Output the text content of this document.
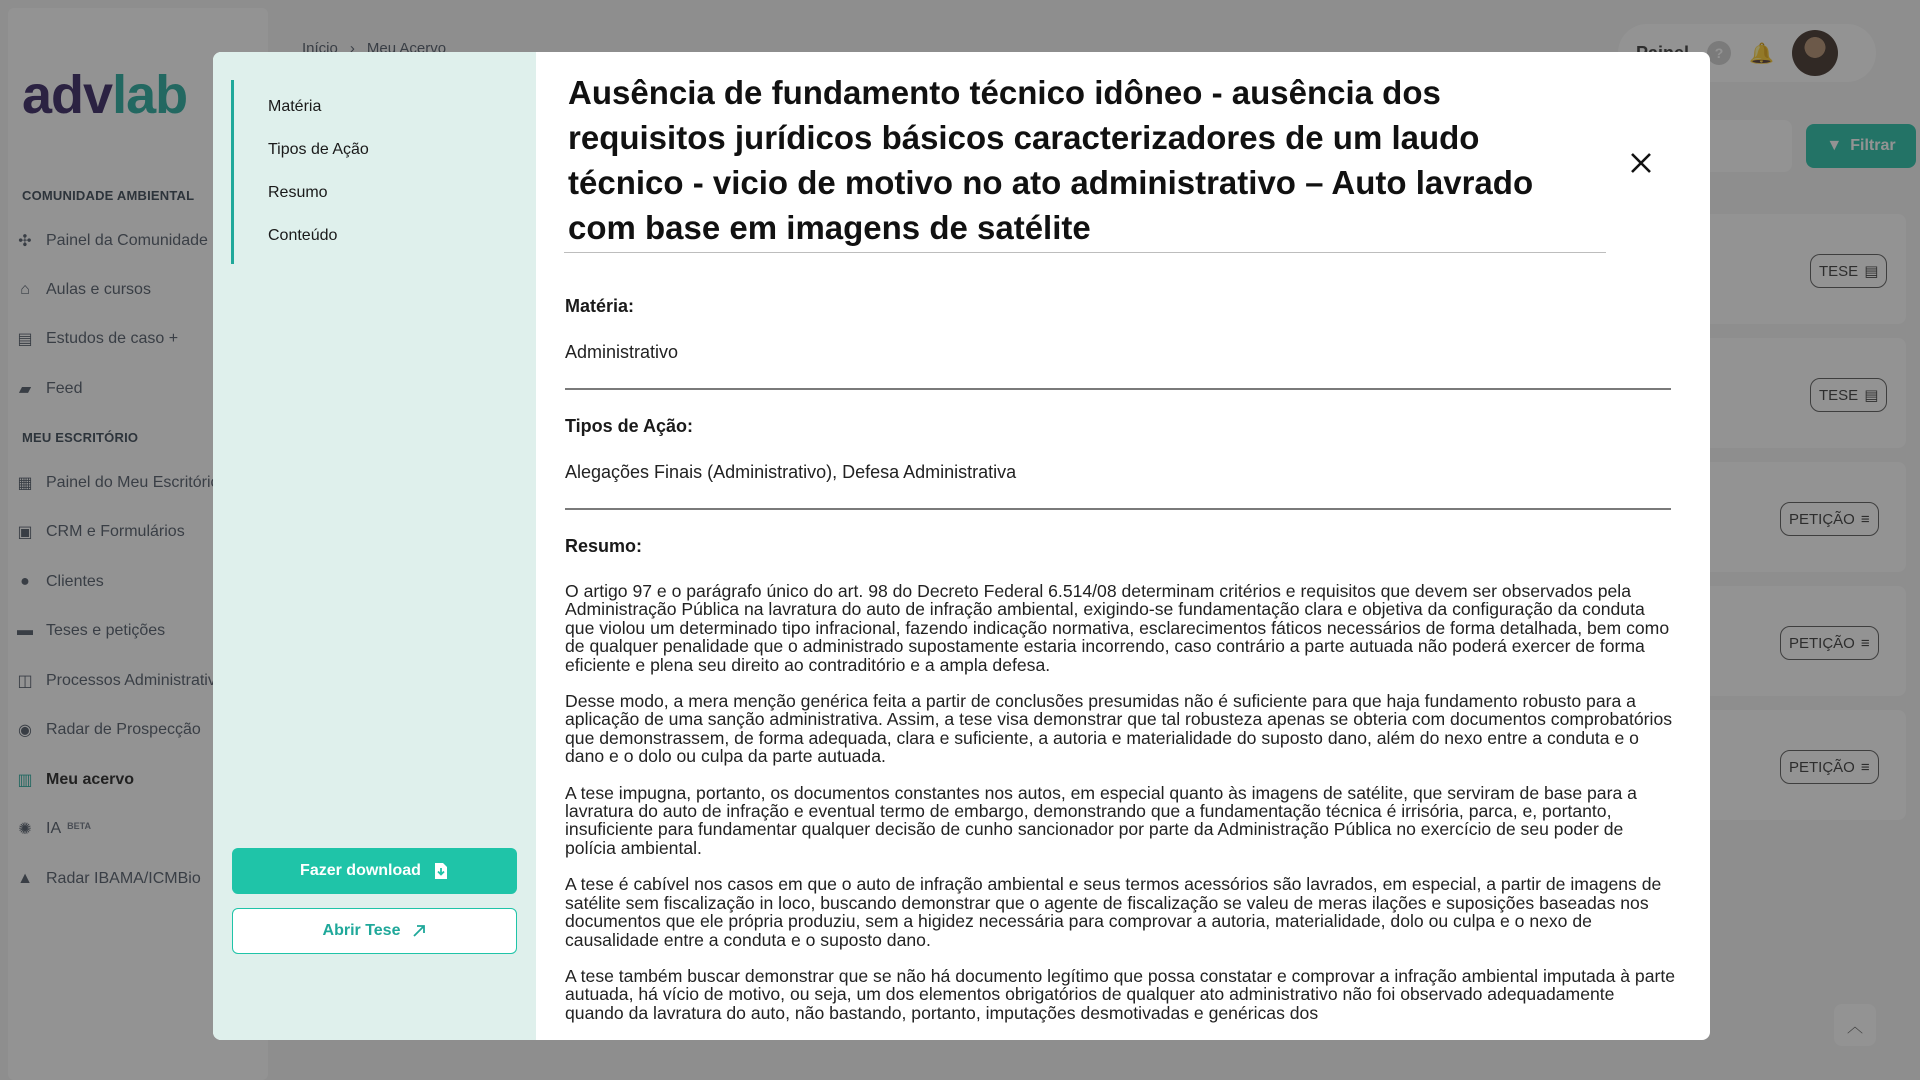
Matéria
Tipos de Ação
Resumo
Conteúdo
Fazer download
Abrir Tese
Ausência de fundamento técnico idôneo - ausência dos requisitos jurídicos básicos caracterizadores de um laudo técnico - vicio de motivo no ato administrativo – Auto lavrado com base em imagens de satélite
Matéria:
Administrativo
Tipos de Ação:
Alegações Finais (Administrativo), Defesa Administrativa
Resumo:

O artigo 97 e o parágrafo único do art. 98 do Decreto Federal 6.514/08 determinam critérios e requisitos que devem ser observados pela Administração Pública na lavratura do auto de infração ambiental, exigindo-se fundamentação clara e objetiva da configuração da conduta que violou um determinado tipo infracional, fazendo indicação normativa, esclarecimentos fáticos necessários de forma detalhada, bem como de qualquer penalidade que o administrado supostamente estaria incorrendo, caso contrário a parte autuada não poderá exercer de forma eficiente e plena seu direito ao contraditório e a ampla defesa.

Desse modo, a mera menção genérica feita a partir de conclusões presumidas não é suficiente para que haja fundamento robusto para a aplicação de uma sanção administrativa. Assim, a tese visa demonstrar que tal robusteza apenas se obteria com documentos comprobatórios que demonstrassem, de forma adequada, clara e suficiente, a autoria e materialidade do suposto dano, além do nexo entre a conduta e o dano e o dolo ou culpa da parte autuada.

A tese impugna, portanto, os documentos constantes nos autos, em especial quanto às imagens de satélite, que serviram de base para a lavratura do auto de infração e eventual termo de embargo, demonstrando que a fundamentação técnica é irrisória, parca, e, portanto, insuficiente para fundamentar qualquer decisão de cunho sancionador por parte da Administração Pública no exercício de seu poder de polícia ambiental.

A tese é cabível nos casos em que o auto de infração ambiental e seus termos acessórios são lavrados, em especial, a partir de imagens de satélite sem fiscalização in loco, buscando demonstrar que o agente de fiscalização se valeu de meras ilações e suposições baseadas nos documentos que ele própria produziu, sem a higidez necessária para comprovar a autoria, materialidade, dolo ou culpa e o nexo de causalidade entre a conduta e o suposto dano.

A tese também buscar demonstrar que se não há documento legítimo que possa constatar e comprovar a infração ambiental imputada à parte autuada, há vício de motivo, ou seja, um dos elementos obrigatórios de qualquer ato administrativo não foi observado adequadamente quando da lavratura do auto, não bastando, portanto, imputações desmotivadas e genéricas dos
